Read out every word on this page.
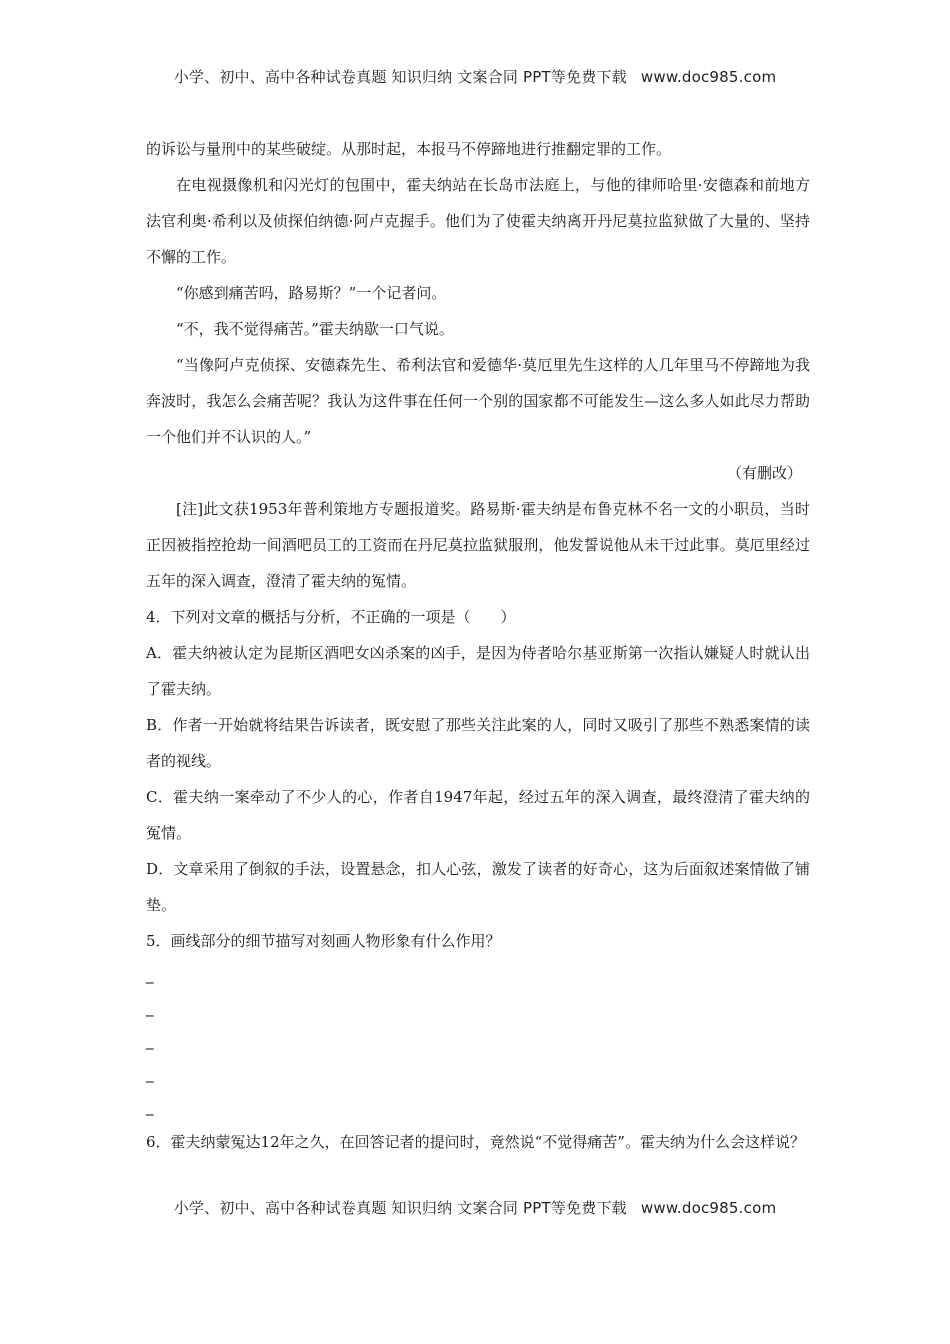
小学、初中、高中各种试卷真题 知识归纳 文案合同 PPT等免费下载 www.doc985.com

的诉讼与量刑中的某些破绽。从那时起，本报马不停蹄地进行推翻定罪的工作。

在电视摄像机和闪光灯的包围中，霍夫纳站在长岛市法庭上，与他的律师哈里·安德森和前地方法官利奥·希利以及侦探伯纳德·阿卢克握手。他们为了使霍夫纳离开丹尼莫拉监狱做了大量的、坚持不懈的工作。

“你感到痛苦吗，路易斯？”一个记者问。

“不，我不觉得痛苦。”霍夫纳歇一口气说。

“当像阿卢克侦探、安德森先生、希利法官和爱德华·莫厄里先生这样的人几年里马不停蹄地为我奔波时，我怎么会痛苦呢？我认为这件事在任何一个别的国家都不可能发生—这么多人如此尽力帮助一个他们并不认识的人。”

（有删改）

[注]此文获1953年普利策地方专题报道奖。路易斯·霍夫纳是布鲁克林不名一文的小职员，当时正因被指控抢劫一间酒吧员工的工资而在丹尼莫拉监狱服刑，他发誓说他从未干过此事。莫厄里经过五年的深入调查，澄清了霍夫纳的冤情。

4．下列对文章的概括与分析，不正确的一项是（　　）

A．霍夫纳被认定为昆斯区酒吧女凶杀案的凶手，是因为侍者哈尔基亚斯第一次指认嫌疑人时就认出了霍夫纳。

B．作者一开始就将结果告诉读者，既安慰了那些关注此案的人，同时又吸引了那些不熟悉案情的读者的视线。

C．霍夫纳一案牵动了不少人的心，作者自1947年起，经过五年的深入调查，最终澄清了霍夫纳的冤情。

D．文章采用了倒叙的手法，设置悬念，扣人心弦，激发了读者的好奇心，这为后面叙述案情做了铺垫。

5．画线部分的细节描写对刻画人物形象有什么作用？

_

_

_

_

_

6．霍夫纳蒙冤达12年之久，在回答记者的提问时，竟然说“不觉得痛苦”。霍夫纳为什么会这样说？

小学、初中、高中各种试卷真题 知识归纳 文案合同 PPT等免费下载 www.doc985.com
